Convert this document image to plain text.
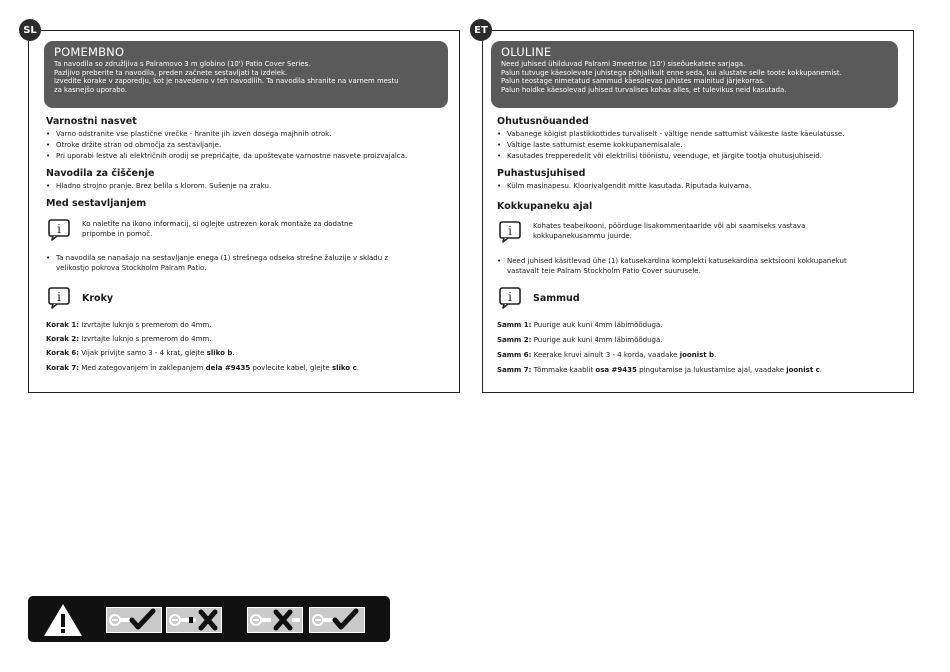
SL
POMEMBNO
Ta navodila so združljiva s Palramovo 3 m globino (10') Patio Cover Series.
Pazljivo preberite ta navodila, preden začnete sestavljati ta izdelek.
Izvedite korake v zaporedju, kot je navedeno v teh navodilih. Ta navodila shranite na varnem mestu
za kasnejšo uporabo.
Varnostni nasvet
• Varno odstranite vse plastične vrečke - hranite jih izven dosega majhnih otrok.
• Otroke držite stran od območja za sestavljanje.
• Pri uporabi lestve ali električnih orodij se prepričajte, da upoštevate varnostne nasvete proizvajalca.
Navodila za čiščenje
• Hladno strojno pranje. Brez belila s klorom. Sušenje na zraku.
Med sestavljanjem
i	Ko naletite na ikono informacij, si oglejte ustrezen korak montaže za dodatne pripombe in pomoč.
• Ta navodila se nanašajo na sestavljanje enega (1) strešnega odseka strešne žaluzije v skladu z velikostjo pokrova Stockholm Palram Patio.
i Kroky
Korak 1: Izvrtajte luknjo s premerom do 4mm.
Korak 2: Izvrtajte luknjo s premerom do 4mm.
Korak 6: Vijak privijte samo 3 - 4 krat, glejte sliko b.
Korak 7: Med zategovanjem in zaklepanjem dela #9435 povlecite kabel, glejte sliko c.
ET
OLULINE
Need juhised ühilduvad Palrami 3meetrise (10') siseõuekatete sarjaga.
Palun tutvuge käesolevate juhistega põhjalikult enne seda, kui alustate selle toote kokkupanemist.
Palun teostage nimetatud sammud käesolevas juhistes mainitud järjekorras.
Palun hoidke käesolevad juhised turvalises kohas alles, et tulevikus neid kasutada.
Ohutusnõuanded
• Vabanege kõigist plastikkottides turvaliselt - vältige nende sattumist väikeste laste käeulatusse.
• Vältige laste sattumist eseme kokkupanemisalale.
• Kasutades trepperedelit või elektrilisi tööriistu, veenduge, et järgite tootja ohutusjuhiseid.
Puhastusjuhised
• Külm masinapesu. Kloorivalgendit mitte kasutada. Riputada kuivama.
Kokkupaneku ajal
i	Kohates teabeikooni, pöörduge lisakommentaaride või abi saamiseks vastava kokkupanekusammu juurde.
• Need juhised käsitlevad ühe (1) katusekardina komplekti katusekardina sektsiooni kokkupanekut vastavalt teie Palram Stockholm Patio Cover suurusele.
i Sammud
Samm 1: Puurige auk kuni 4mm läbimõõduga.
Samm 2: Puurige auk kuni 4mm läbimõõduga.
Samm 6: Keerake kruvi ainult 3 - 4 korda, vaadake joonist b.
Samm 7: Tõmmake kaablit osa #9435 pingutamise ja lukustamise ajal, vaadake joonist c.
